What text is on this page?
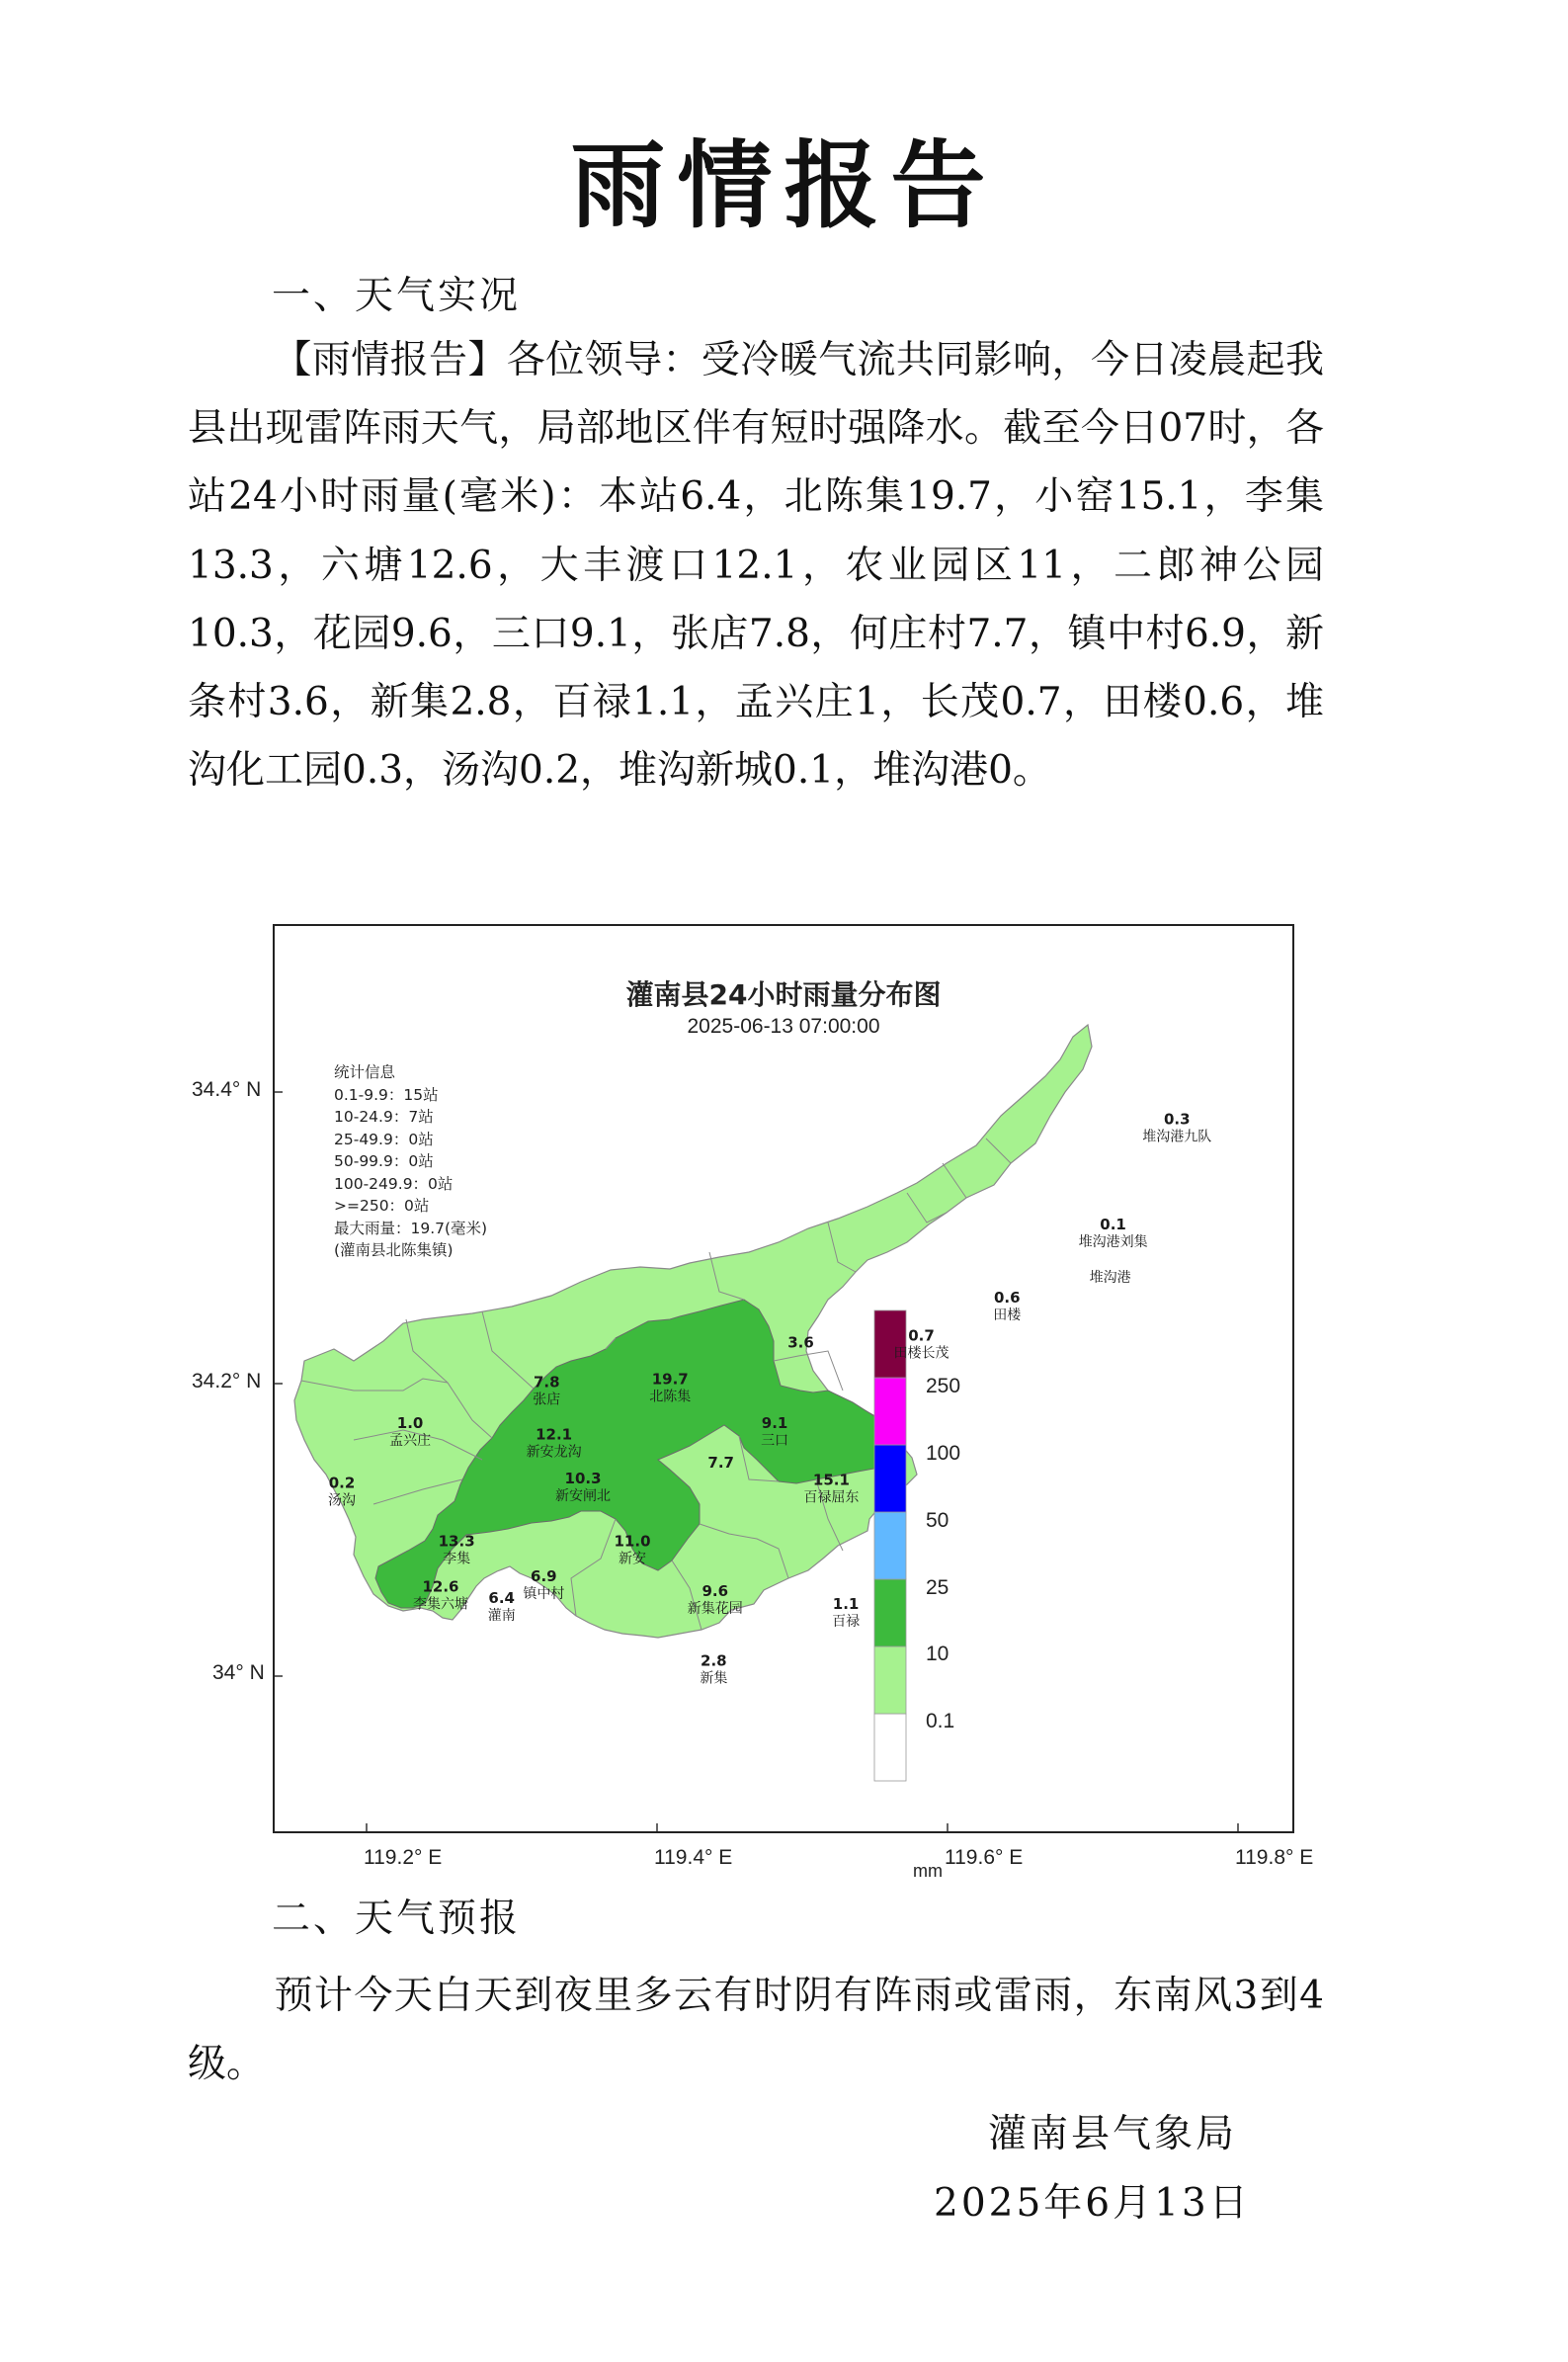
雨情报告
一、天气实况
【雨情报告】各位领导：受冷暖气流共同影响，今日凌晨起我县出现雷阵雨天气，局部地区伴有短时强降水。截至今日07时，各站24小时雨量(毫米)：本站6.4，北陈集19.7，小窑15.1，李集13.3，六塘12.6，大丰渡口12.1，农业园区11，二郎神公园10.3，花园9.6，三口9.1，张店7.8，何庄村7.7，镇中村6.9，新条村3.6，新集2.8，百禄1.1，孟兴庄1，长茂0.7，田楼0.6，堆沟化工园0.3，汤沟0.2，堆沟新城0.1，堆沟港0。
0.3
堆沟港九队
0.1
堆沟港刘集
堆沟港
0.6
田楼
0.7
田楼长茂
3.6
19.7
北陈集
7.8
张店
1.0
孟兴庄	12.1
新安龙沟
9.1
三口
0.2
汤沟
10.3
新安闸北
7.7
15.1
百禄屈东
13.3
李集
11.0
新安
12.6
李集六塘
6.9
镇中村
6.4
灌南
9.6
新集花园	1.1
百禄
2.8
新集
灌南县24小时雨量分布图
2025-06-13 07:00:00
统计信息
0.1-9.9：15站
10-24.9：7站
25-49.9：0站
50-99.9：0站
100-249.9：0站
>=250：0站
最大雨量：19.7(毫米)
(灌南县北陈集镇)
250
100
50
25
10
0.1
mm
34.4° N
34.2° N
34° N
119.2° E	119.4° E	119.6° E	119.8° E
二、天气预报
预计今天白天到夜里多云有时阴有阵雨或雷雨，东南风3到4级。
灌南县气象局
2025年6月13日
